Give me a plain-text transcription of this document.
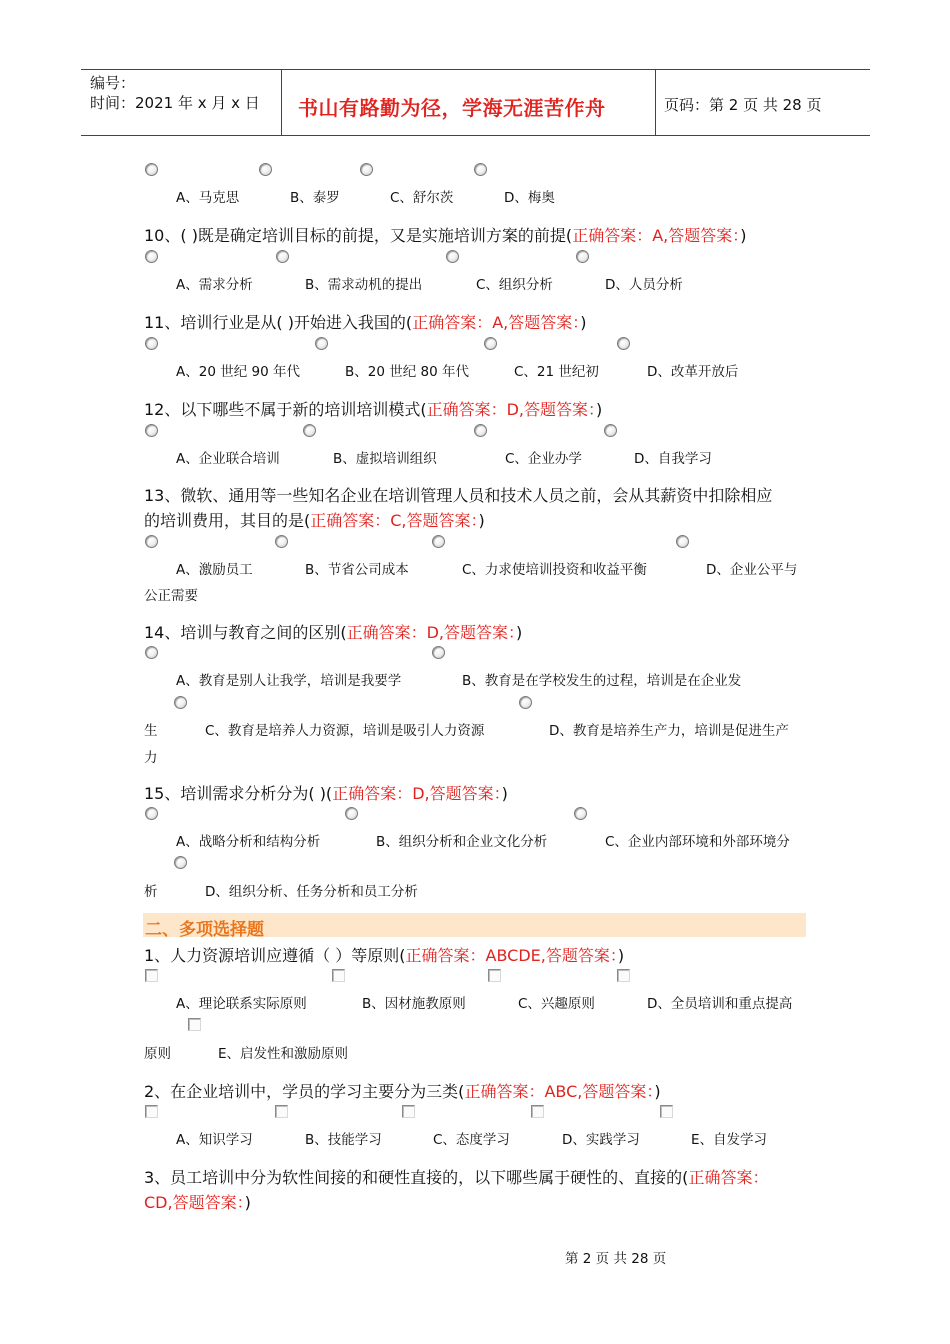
编号：
时间：2021 年 x 月 x 日 书山有路勤为径，学海无涯苦作舟	页码：第 2 页 共 28 页
A、马克思	B、泰罗	C、舒尔茨	D、梅奥
10、( )既是确定培训目标的前提，又是实施培训方案的前提(正确答案：A,答题答案：)
A、需求分析	B、需求动机的提出	C、组织分析	D、人员分析
11、培训行业是从( )开始进入我国的(正确答案：A,答题答案：)
A、20 世纪 90 年代	B、20 世纪 80 年代	C、21 世纪初	D、改革开放后
12、以下哪些不属于新的培训培训模式(正确答案：D,答题答案：)
A、企业联合培训	B、虚拟培训组织	C、企业办学	D、自我学习
13、微软、通用等一些知名企业在培训管理人员和技术人员之前，会从其薪资中扣除相应
的培训费用，其目的是(正确答案：C,答题答案：)
A、激励员工	B、节省公司成本	C、力求使培训投资和收益平衡	D、企业公平与
公正需要
14、培训与教育之间的区别(正确答案：D,答题答案：)
A、教育是别人让我学，培训是我要学	B、教育是在学校发生的过程，培训是在企业发
生	C、教育是培养人力资源，培训是吸引人力资源	D、教育是培养生产力，培训是促进生产
力
15、培训需求分析分为( )(正确答案：D,答题答案：)
A、战略分析和结构分析	B、组织分析和企业文化分析	C、企业内部环境和外部环境分
析	D、组织分析、任务分析和员工分析
二、多项选择题
1、人力资源培训应遵循（ ）等原则(正确答案：ABCDE,答题答案：)
A、理论联系实际原则	B、因材施教原则	C、兴趣原则	D、全员培训和重点提高
原则	E、启发性和激励原则
2、在企业培训中，学员的学习主要分为三类(正确答案：ABC,答题答案：)
A、知识学习	B、技能学习	C、态度学习	D、实践学习	E、自发学习
3、员工培训中分为软性间接的和硬性直接的，以下哪些属于硬性的、直接的(正确答案：
CD,答题答案：)
第 2 页 共 28 页
